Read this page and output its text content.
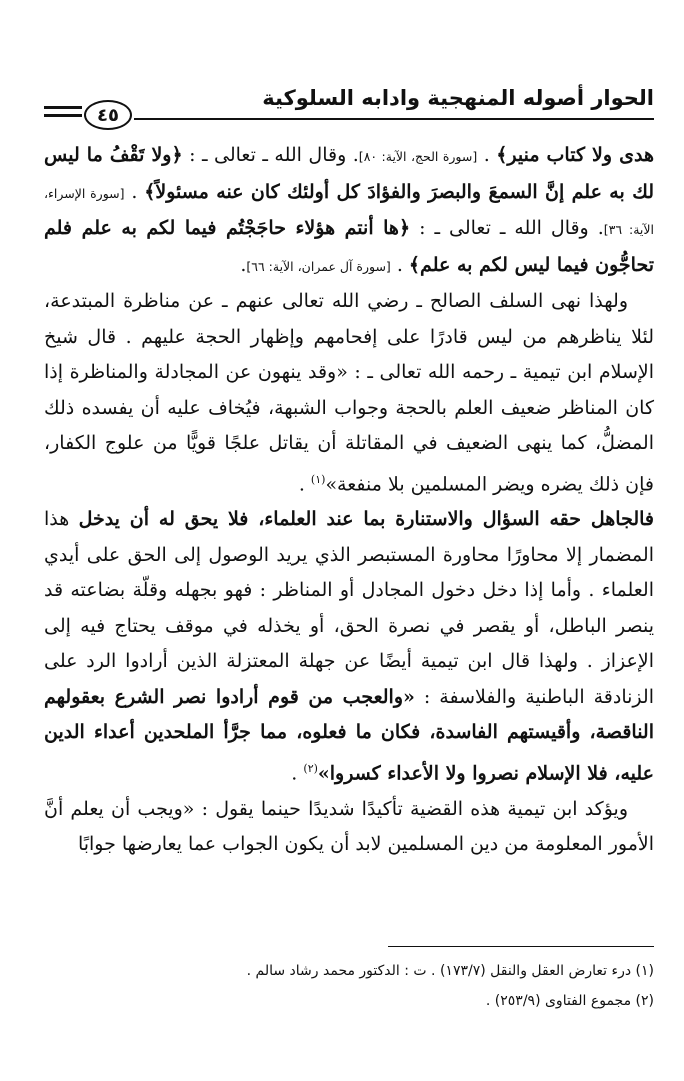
الحوار أصوله المنهجية وادابه السلوكية
٤٥

هدى ولا كتاب منير﴾ . [سورة الحج، الآية: ٨٠]. وقال الله ـ تعالى ـ : ﴿ولا تَقْفُ ما ليس لك به علم إنَّ السمعَ والبصرَ والفؤادَ كل أولئك كان عنه مسئولاً﴾ . [سورة الإسراء، الآية: ٣٦]. وقال الله ـ تعالى ـ : ﴿ها أنتم هؤلاء حاجَجْتُم فيما لكم به علم فلم تحاجُّون فيما ليس لكم به علم﴾ . [سورة آل عمران، الآية: ٦٦].

ولهذا نهى السلف الصالح ـ رضي الله تعالى عنهم ـ عن مناظرة المبتدعة، لئلا يناظرهم من ليس قادرًا على إفحامهم وإظهار الحجة عليهم . قال شيخ الإسلام ابن تيمية ـ رحمه الله تعالى ـ : «وقد ينهون عن المجادلة والمناظرة إذا كان المناظر ضعيف العلم بالحجة وجواب الشبهة، فيُخاف عليه أن يفسده ذلك المضلُّ، كما ينهى الضعيف في المقاتلة أن يقاتل علجًا قويًّا من علوج الكفار، فإن ذلك يضره ويضر المسلمين بلا منفعة»$^{(١)}$ .

فالجاهل حقه السؤال والاستنارة بما عند العلماء، فلا يحق له أن يدخل هذا المضمار إلا محاورًا محاورة المستبصر الذي يريد الوصول إلى الحق على أيدي العلماء . وأما إذا دخل دخول المجادل أو المناظر : فهو بجهله وقلّة بضاعته قد ينصر الباطل، أو يقصر في نصرة الحق، أو يخذله في موقف يحتاج فيه إلى الإعزاز . ولهذا قال ابن تيمية أيضًا عن جهلة المعتزلة الذين أرادوا الرد على الزنادقة الباطنية والفلاسفة : «والعجب من قوم أرادوا نصر الشرع بعقولهم الناقصة، وأقيستهم الفاسدة، فكان ما فعلوه، مما جرَّأ الملحدين أعداء الدين عليه، فلا الإسلام نصروا ولا الأعداء كسروا»$^{(٢)}$ .

ويؤكد ابن تيمية هذه القضية تأكيدًا شديدًا حينما يقول : «ويجب أن يعلم أنَّ الأمور المعلومة من دين المسلمين لابد أن يكون الجواب عما يعارضها جوابًا

(١) درء تعارض العقل والنقل (١٧٣/٧) . ت : الدكتور محمد رشاد سالم .
(٢) مجموع الفتاوى (٢٥٣/٩) .
